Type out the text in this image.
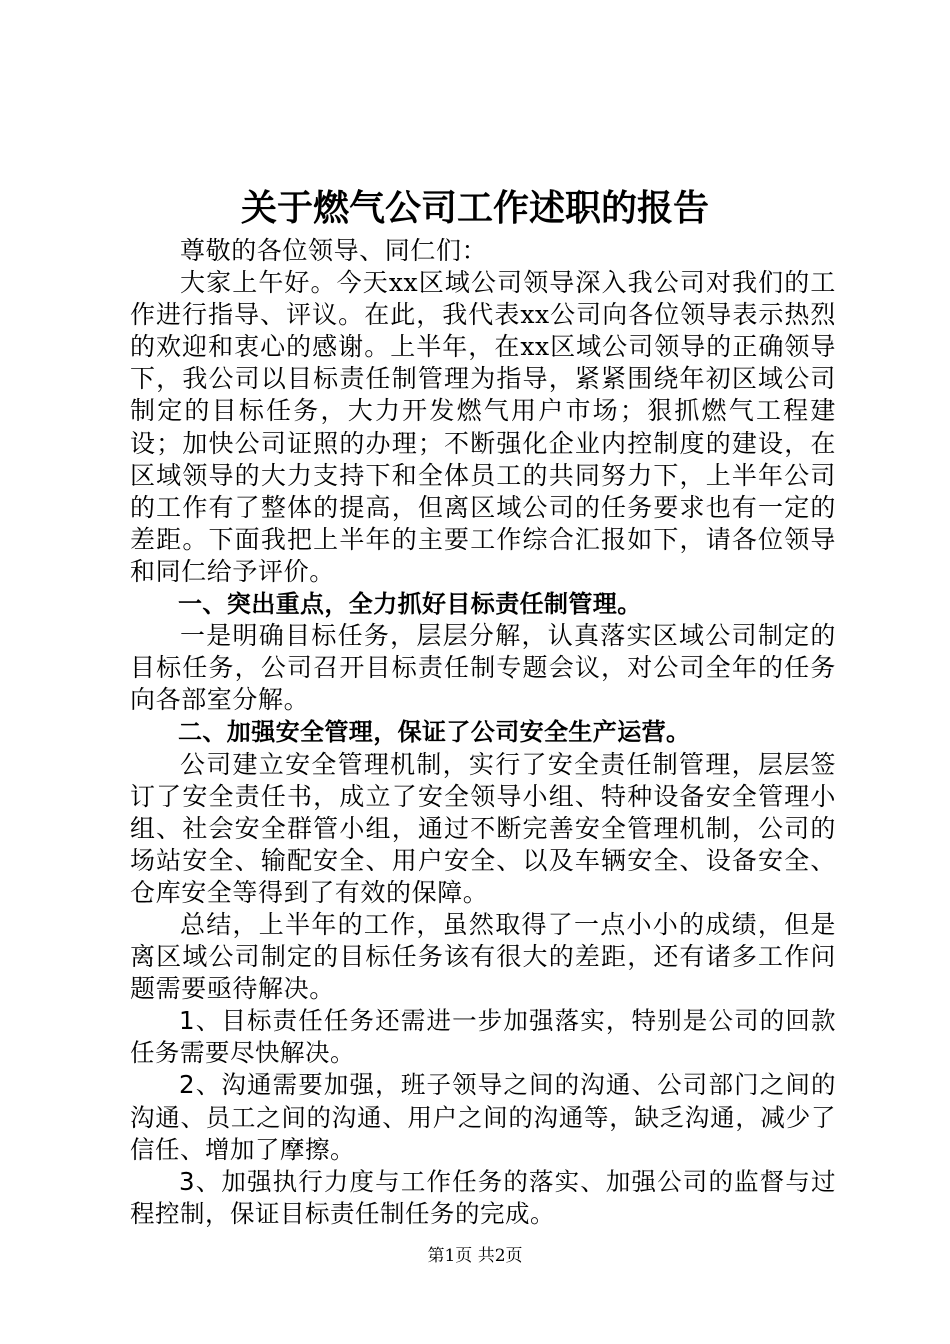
关于燃气公司工作述职的报告

尊敬的各位领导、同仁们：

大家上午好。今天xx区域公司领导深入我公司对我们的工作进行指导、评议。在此，我代表xx公司向各位领导表示热烈的欢迎和衷心的感谢。上半年，在xx区域公司领导的正确领导下，我公司以目标责任制管理为指导，紧紧围绕年初区域公司制定的目标任务，大力开发燃气用户市场；狠抓燃气工程建设；加快公司证照的办理；不断强化企业内控制度的建设，在区域领导的大力支持下和全体员工的共同努力下，上半年公司的工作有了整体的提高，但离区域公司的任务要求也有一定的差距。下面我把上半年的主要工作综合汇报如下，请各位领导和同仁给予评价。

一、突出重点，全力抓好目标责任制管理。

一是明确目标任务，层层分解，认真落实区域公司制定的目标任务，公司召开目标责任制专题会议，对公司全年的任务向各部室分解。

二、加强安全管理，保证了公司安全生产运营。

公司建立安全管理机制，实行了安全责任制管理，层层签订了安全责任书，成立了安全领导小组、特种设备安全管理小组、社会安全群管小组，通过不断完善安全管理机制，公司的场站安全、输配安全、用户安全、以及车辆安全、设备安全、仓库安全等得到了有效的保障。

总结，上半年的工作，虽然取得了一点小小的成绩，但是离区域公司制定的目标任务该有很大的差距，还有诸多工作问题需要亟待解决。

1、目标责任任务还需进一步加强落实，特别是公司的回款任务需要尽快解决。

2、沟通需要加强，班子领导之间的沟通、公司部门之间的沟通、员工之间的沟通、用户之间的沟通等，缺乏沟通，减少了信任、增加了摩擦。

3、加强执行力度与工作任务的落实、加强公司的监督与过程控制，保证目标责任制任务的完成。

第1页 共2页
